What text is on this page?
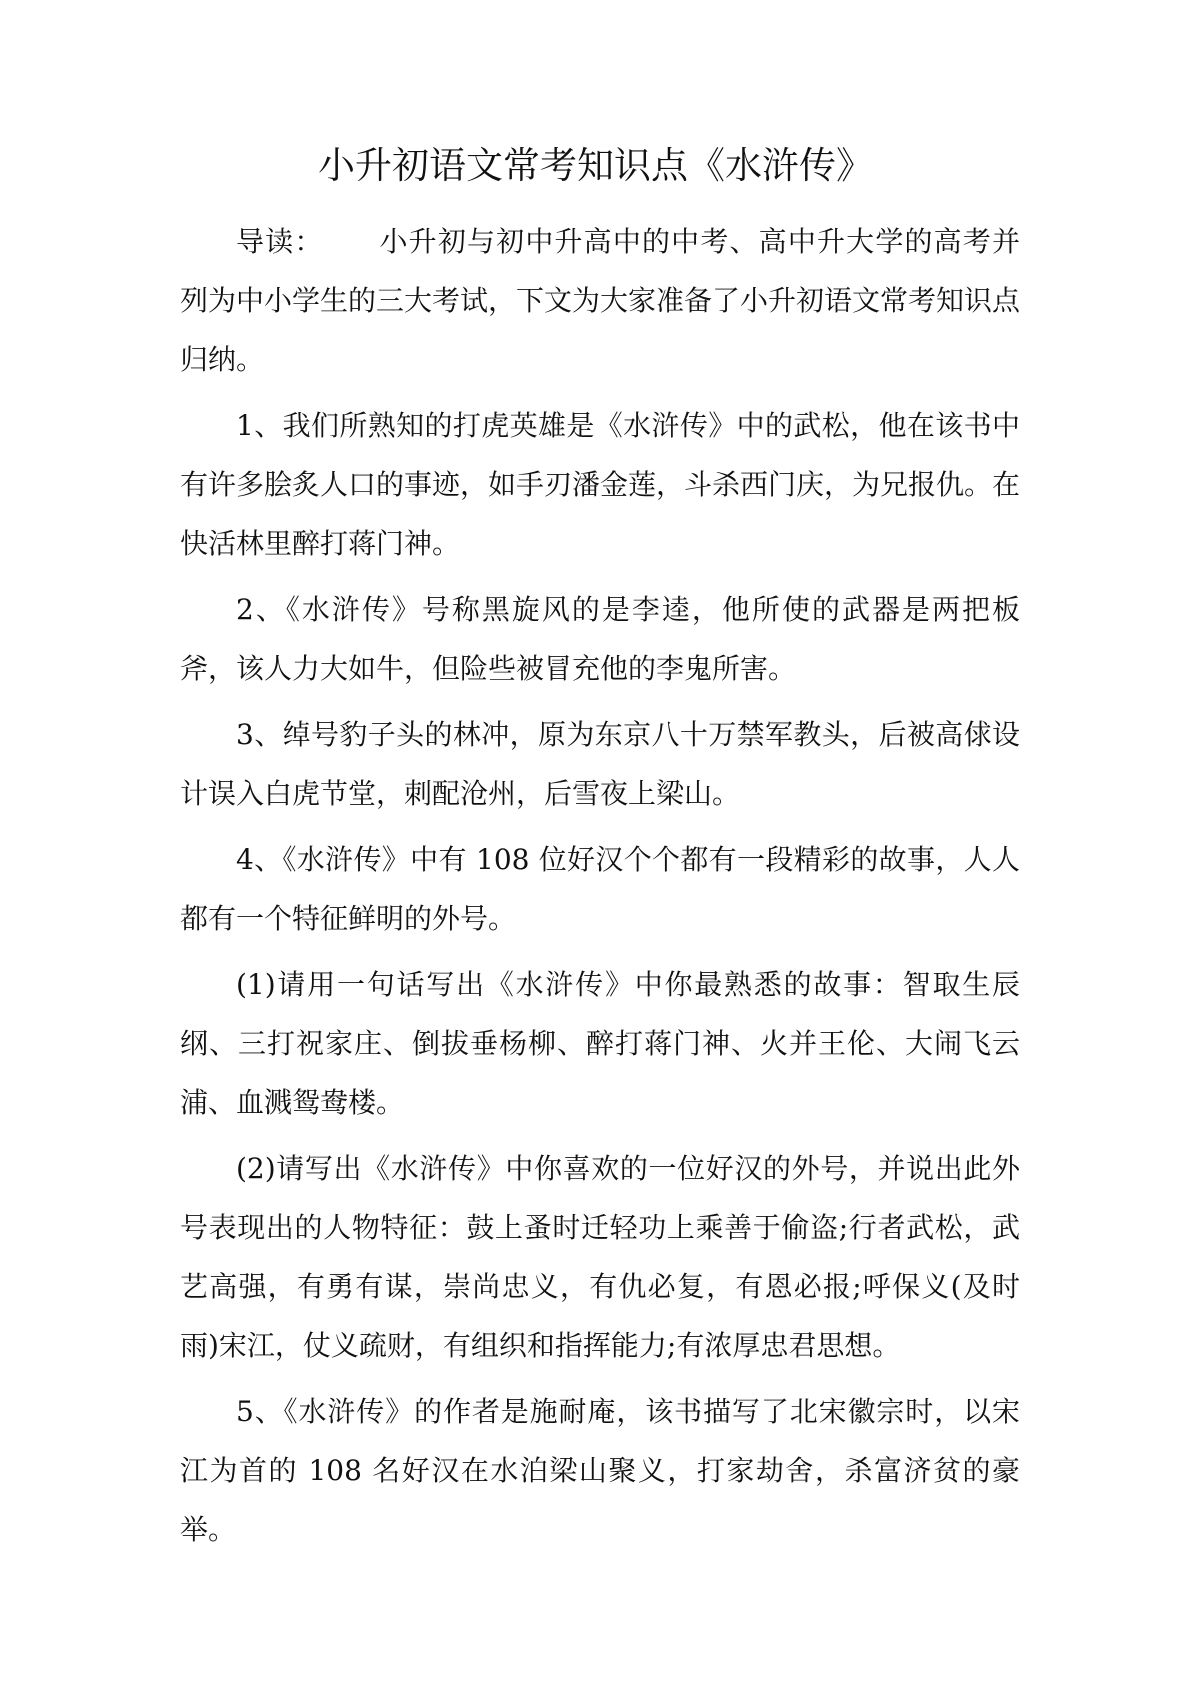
小升初语文常考知识点《水浒传》

导读： 小升初与初中升高中的中考、高中升大学的高考并列为中小学生的三大考试，下文为大家准备了小升初语文常考知识点归纳。

1、我们所熟知的打虎英雄是《水浒传》中的武松，他在该书中有许多脍炙人口的事迹，如手刃潘金莲，斗杀西门庆，为兄报仇。在快活林里醉打蒋门神。

2、《水浒传》号称黑旋风的是李逵，他所使的武器是两把板斧，该人力大如牛，但险些被冒充他的李鬼所害。

3、绰号豹子头的林冲，原为东京八十万禁军教头，后被高俅设计误入白虎节堂，刺配沧州，后雪夜上梁山。

4、《水浒传》中有 108 位好汉个个都有一段精彩的故事，人人都有一个特征鲜明的外号。

(1)请用一句话写出《水浒传》中你最熟悉的故事：智取生辰纲、三打祝家庄、倒拔垂杨柳、醉打蒋门神、火并王伦、大闹飞云浦、血溅鸳鸯楼。

(2)请写出《水浒传》中你喜欢的一位好汉的外号，并说出此外号表现出的人物特征：鼓上蚤时迁轻功上乘善于偷盗;行者武松，武艺高强，有勇有谋，崇尚忠义，有仇必复，有恩必报;呼保义(及时雨)宋江，仗义疏财，有组织和指挥能力;有浓厚忠君思想。

5、《水浒传》的作者是施耐庵，该书描写了北宋徽宗时，以宋江为首的 108 名好汉在水泊梁山聚义，打家劫舍，杀富济贫的豪举。
